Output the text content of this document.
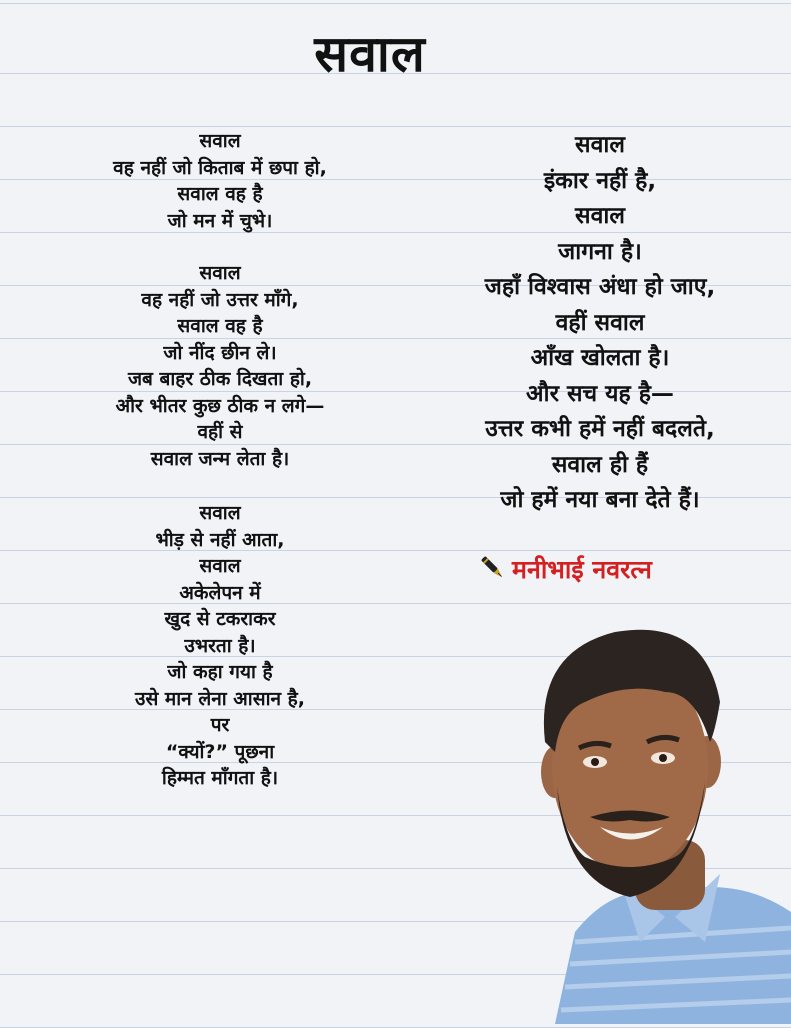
सवाल
सवाल
वह नहीं जो किताब में छपा हो,
सवाल वह है
जो मन में चुभे।
सवाल
वह नहीं जो उत्तर माँगे,
सवाल वह है
जो नींद छीन ले।
जब बाहर ठीक दिखता हो,
और भीतर कुछ ठीक न लगे—
वहीं से
सवाल जन्म लेता है।
सवाल
भीड़ से नहीं आता,
सवाल
अकेलेपन में
खुद से टकराकर
उभरता है।
जो कहा गया है
उसे मान लेना आसान है,
पर
“क्यों?” पूछना
हिम्मत माँगता है।
सवाल
इंकार नहीं है,
सवाल
जागना है।
जहाँ विश्वास अंधा हो जाए,
वहीं सवाल
आँख खोलता है।
और सच यह है—
उत्तर कभी हमें नहीं बदलते,
सवाल ही हैं
जो हमें नया बना देते हैं।
मनीभाई नवरत्न
